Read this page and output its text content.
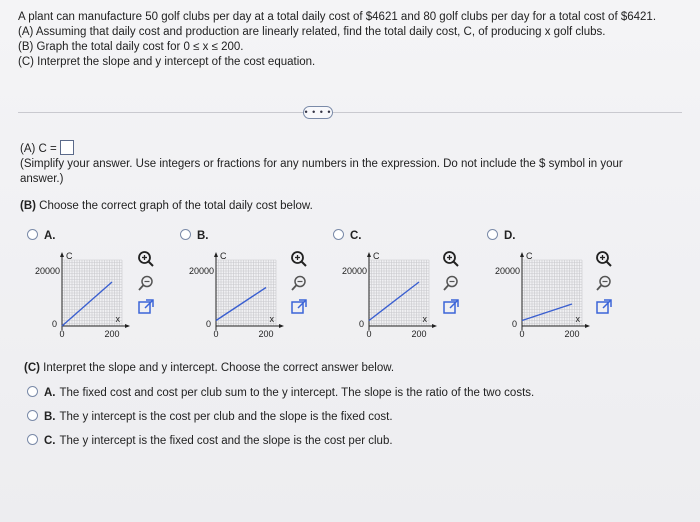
A plant can manufacture 50 golf clubs per day at a total daily cost of $4621 and 80 golf clubs per day for a total cost of $6421.
(A) Assuming that daily cost and production are linearly related, find the total daily cost, C, of producing x golf clubs.
(B) Graph the total daily cost for 0 ≤ x ≤ 200.
(C) Interpret the slope and y intercept of the cost equation.
• • • •
(A) C =
(Simplify your answer. Use integers or fractions for any numbers in the expression. Do not include the $ symbol in your answer.)
(B) Choose the correct graph of the total daily cost below.
A.
20000
200
0
0
C
x
B.
20000
200
0
0
C
x
C.
20000
200
0
0
C
x
D.
20000
200
0
0
C
x
(C) Interpret the slope and y intercept. Choose the correct answer below.
A. The fixed cost and cost per club sum to the y intercept. The slope is the ratio of the two costs.
B. The y intercept is the cost per club and the slope is the fixed cost.
C. The y intercept is the fixed cost and the slope is the cost per club.
